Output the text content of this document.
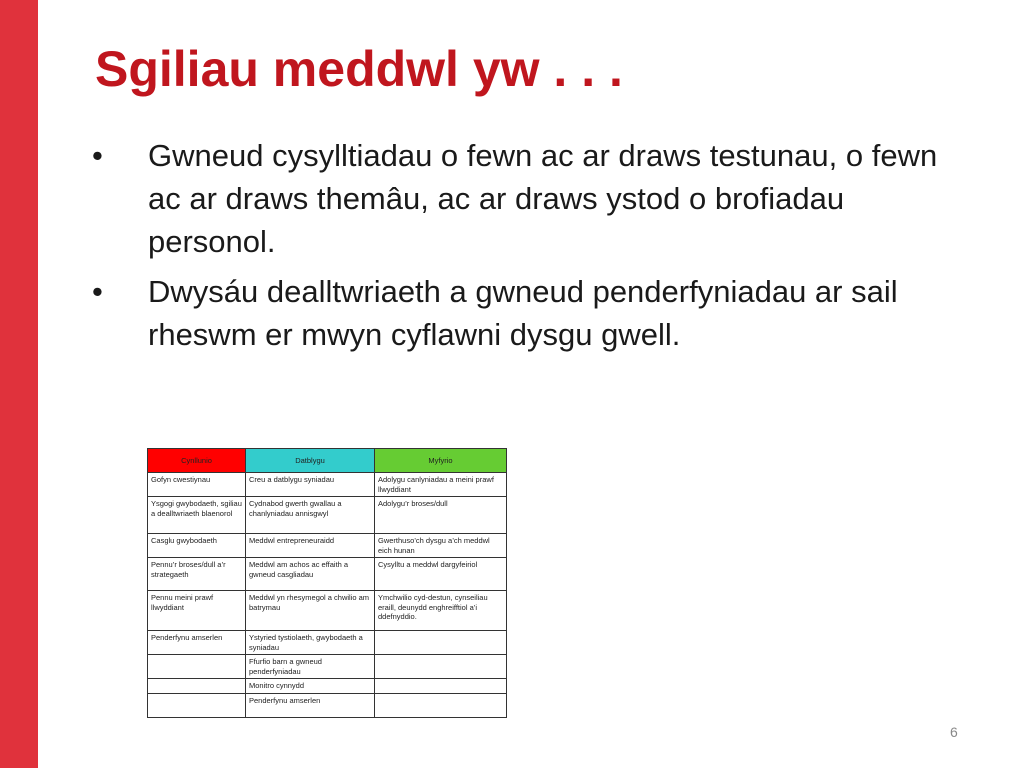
Sgiliau meddwl yw . . .
• Gwneud cysylltiadau o fewn ac ar draws testunau, o fewn ac ar draws themâu, ac ar draws ystod o brofiadau personol.
• Dwysáu dealltwriaeth a gwneud penderfyniadau ar sail rheswm er mwyn cyflawni dysgu gwell.
Cynllunio	Datblygu	Myfyrio
Gofyn cwestiynau	Creu a datblygu syniadau	Adolygu canlyniadau a meini prawf llwyddiant
Ysgogi gwybodaeth, sgiliau a dealltwriaeth blaenorol	Cydnabod gwerth gwallau a chanlyniadau annisgwyl	Adolygu’r broses/dull
Casglu gwybodaeth	Meddwl entrepreneuraidd	Gwerthuso’ch dysgu a’ch meddwl eich hunan
Pennu’r broses/dull a’r strategaeth	Meddwl am achos ac effaith a gwneud casgliadau	Cysylltu a meddwl dargyfeiriol
Pennu meini prawf llwyddiant	Meddwl yn rhesymegol a chwilio am batrymau	Ymchwilio cyd-destun, cynseiliau eraill, deunydd enghreifftiol a’i ddefnyddio.
Penderfynu amserlen	Ystyried tystiolaeth, gwybodaeth a syniadau	
	Ffurfio barn a gwneud penderfyniadau	
	Monitro cynnydd	
	Penderfynu amserlen	
6
